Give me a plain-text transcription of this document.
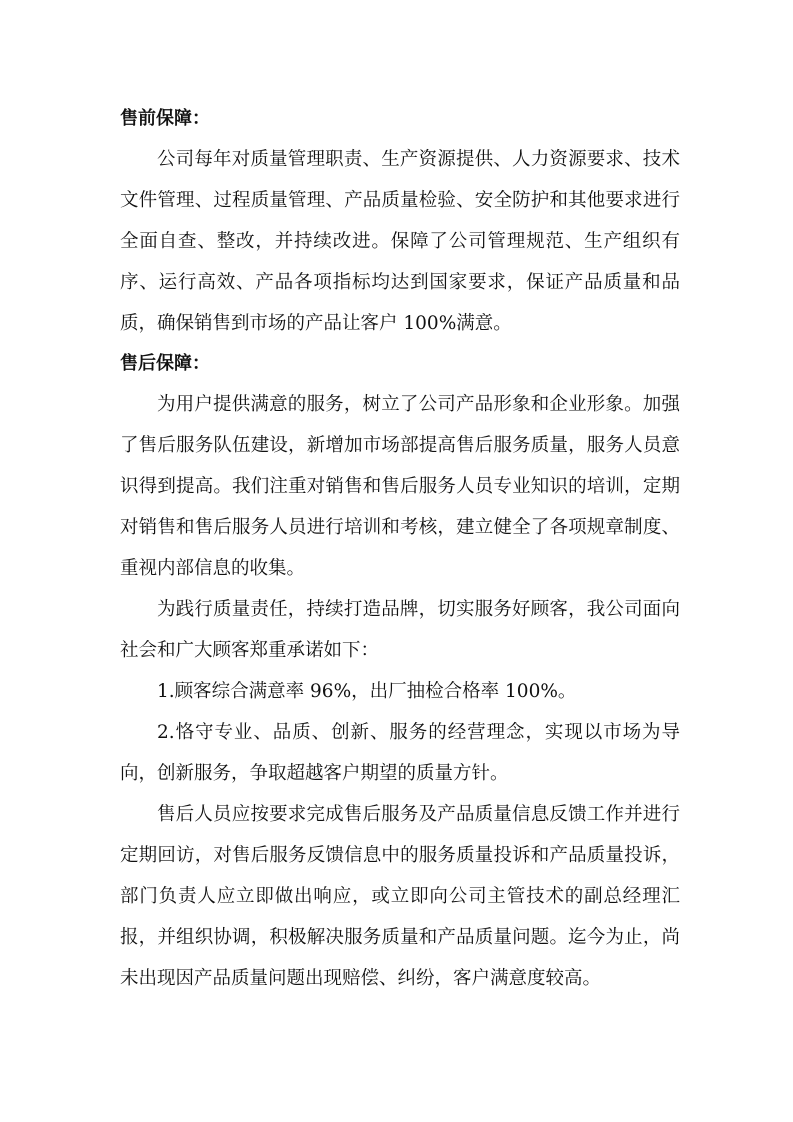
售前保障：

公司每年对质量管理职责、生产资源提供、人力资源要求、技术文件管理、过程质量管理、产品质量检验、安全防护和其他要求进行全面自查、整改，并持续改进。保障了公司管理规范、生产组织有序、运行高效、产品各项指标均达到国家要求，保证产品质量和品质，确保销售到市场的产品让客户 100%满意。

售后保障：

为用户提供满意的服务，树立了公司产品形象和企业形象。加强了售后服务队伍建设，新增加市场部提高售后服务质量，服务人员意识得到提高。我们注重对销售和售后服务人员专业知识的培训，定期对销售和售后服务人员进行培训和考核，建立健全了各项规章制度、重视内部信息的收集。

为践行质量责任，持续打造品牌，切实服务好顾客，我公司面向社会和广大顾客郑重承诺如下：

1.顾客综合满意率 96%，出厂抽检合格率 100%。

2.恪守专业、品质、创新、服务的经营理念，实现以市场为导向，创新服务，争取超越客户期望的质量方针。

售后人员应按要求完成售后服务及产品质量信息反馈工作并进行定期回访，对售后服务反馈信息中的服务质量投诉和产品质量投诉，部门负责人应立即做出响应，或立即向公司主管技术的副总经理汇报，并组织协调，积极解决服务质量和产品质量问题。迄今为止，尚未出现因产品质量问题出现赔偿、纠纷，客户满意度较高。
